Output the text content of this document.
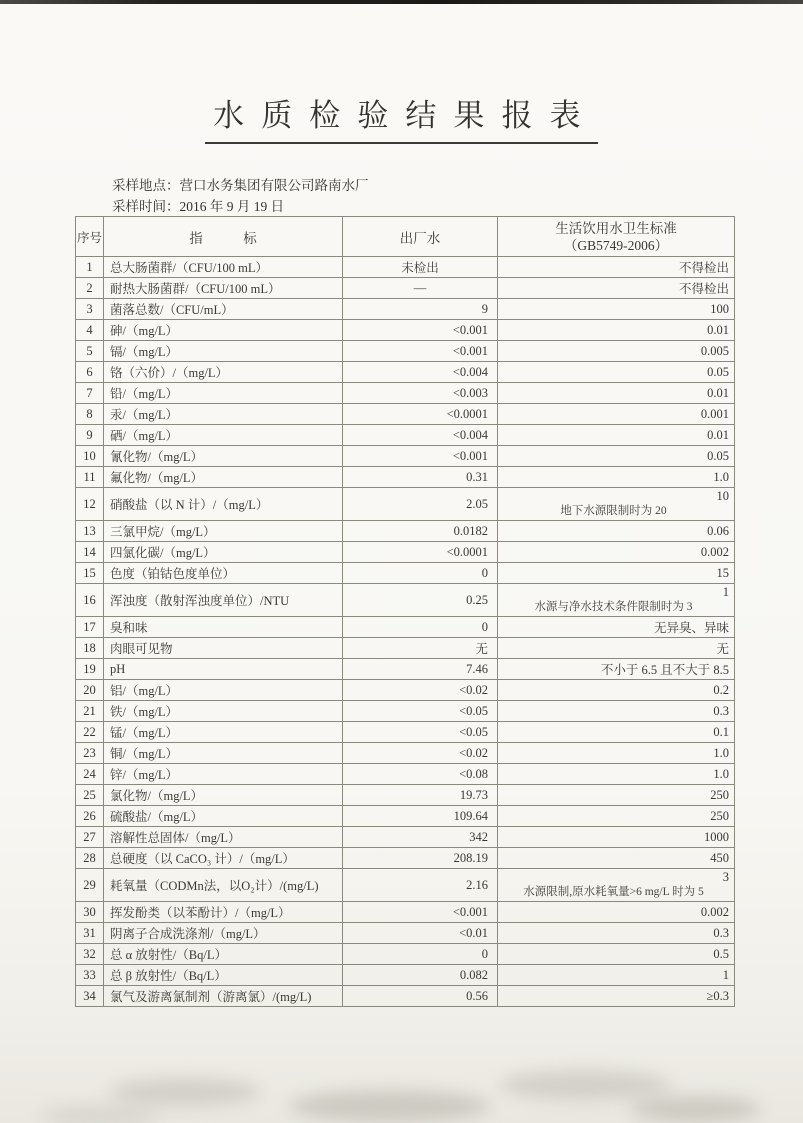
水质检验结果报表
采样地点：营口水务集团有限公司路南水厂
采样时间：2016 年 9 月 19 日
序号	指　　　标	出厂水	生活饮用水卫生标准
（GB5749-2006）

1	总大肠菌群/（CFU/100 mL）	未检出	不得检出
2	耐热大肠菌群/（CFU/100 mL）	—	不得检出
3	菌落总数/（CFU/mL）	9	100
4	砷/（mg/L）	<0.001	0.01
5	镉/（mg/L）	<0.001	0.005
6	铬（六价）/（mg/L）	<0.004	0.05
7	铅/（mg/L）	<0.003	0.01
8	汞/（mg/L）	<0.0001	0.001
9	硒/（mg/L）	<0.004	0.01
10	氰化物/（mg/L）	<0.001	0.05
11	氟化物/（mg/L）	0.31	1.0
12	硝酸盐（以 N 计）/（mg/L）	2.05	10
地下水源限制时为 20

13	三氯甲烷/（mg/L）	0.0182	0.06
14	四氯化碳/（mg/L）	<0.0001	0.002
15	色度（铂钴色度单位）	0	15
16	浑浊度（散射浑浊度单位）/NTU	0.25	1
水源与净水技术条件限制时为 3

17	臭和味	0	无异臭、异味
18	肉眼可见物	无	无
19	pH	7.46	不小于 6.5 且不大于 8.5
20	铝/（mg/L）	<0.02	0.2
21	铁/（mg/L）	<0.05	0.3
22	锰/（mg/L）	<0.05	0.1
23	铜/（mg/L）	<0.02	1.0
24	锌/（mg/L）	<0.08	1.0
25	氯化物/（mg/L）	19.73	250
26	硫酸盐/（mg/L）	109.64	250
27	溶解性总固体/（mg/L）	342	1000
28	总硬度（以 CaCO₃ 计）/（mg/L）	208.19	450
29	耗氧量（CODMn法，以O₂计）/(mg/L)	2.16	3
水源限制,原水耗氧量>6 mg/L 时为 5

30	挥发酚类（以苯酚计）/（mg/L）	<0.001	0.002
31	阴离子合成洗涤剂/（mg/L）	<0.01	0.3
32	总 α 放射性/（Bq/L）	0	0.5
33	总 β 放射性/（Bq/L）	0.082	1
34	氯气及游离氯制剂（游离氯）/(mg/L)	0.56	≥0.3
